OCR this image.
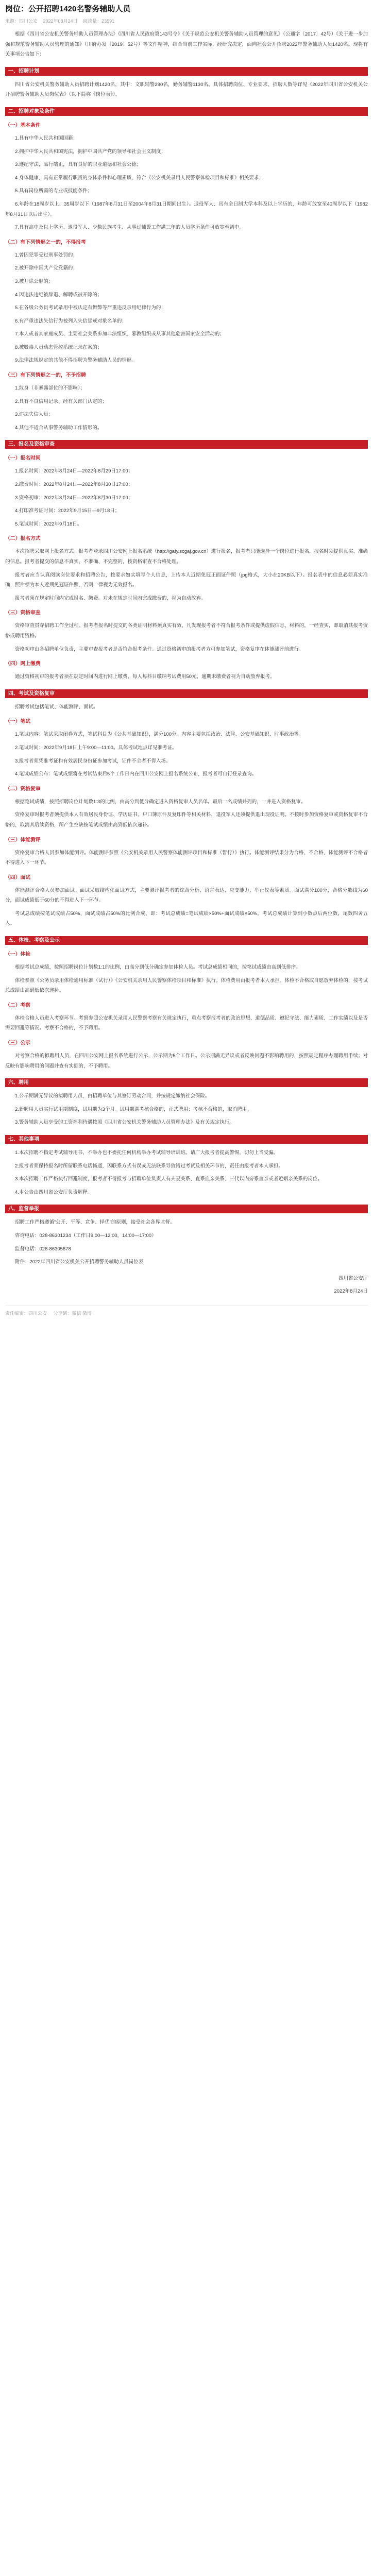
岗位：公开招聘1420名警务辅助人员
来源：四川公安 2022年08月24日 阅读量：23591

根据《四川省公安机关警务辅助人员管理办法》《四川省人民政府第143号令》《关于规范公安机关警务辅助人员管理的意见》（公通字〔2017〕42号）《关于进一步加强和规范警务辅助人员管理的通知》（川府办发〔2019〕52号）等文件精神，结合当前工作实际，经研究决定，面向社会公开招聘2022年警务辅助人员1420名。现将有关事项公告如下：

一、招聘计划

四川省公安机关警务辅助人员招聘计划1420名，其中：文职辅警290名，勤务辅警1130名。具体招聘岗位、专业要求、招聘人数等详见《2022年四川省公安机关公开招聘警务辅助人员岗位表》（以下简称《岗位表》）。

二、招聘对象及条件
（一）基本条件

1.具有中华人民共和国国籍；

2.拥护中华人民共和国宪法，拥护中国共产党的领导和社会主义制度；

3.遵纪守法，品行端正，具有良好的职业道德和社会公德；

4.身体健康，具有正常履行职责的身体条件和心理素质，符合《公安机关录用人民警察体检项目和标准》相关要求；

5.具有岗位所需的专业或技能条件；

6.年龄在18周岁以上、35周岁以下（1987年8月31日至2004年8月31日期间出生）。退役军人、具有全日制大学本科及以上学历的，年龄可放宽至40周岁以下（1982年8月31日以后出生）。

7.具有高中及以上学历。退役军人、少数民族考生、从事过辅警工作满三年的人员学历条件可放宽至初中。

（二）有下列情形之一的，不得报考

1.曾因犯罪受过刑事处罚的；

2.被开除中国共产党党籍的；

3.被开除公职的；

4.因违法违纪被辞退、解聘或被开除的；

5.在各级公务员考试录用中被认定有舞弊等严重违反录用纪律行为的；

6.有严重违法失信行为被列入失信惩戒对象名单的；

7.本人或者其家庭成员、主要社会关系参加非法组织、邪教组织或从事其他危害国家安全活动的；

8.被吸毒人员动态管控系统记录在案的；

9.法律法规规定的其他不得招聘为警务辅助人员的情形。

（三）有下列情形之一的，不予招聘

1.纹身（非暴露部位的不影响）；

2.具有不良信用记录、经有关部门认定的；

3.违法失信人员；

4.其他不适合从事警务辅助工作情形的。

三、报名及资格审查
（一）报名时间

1.报名时间：2022年8月24日—2022年8月29日17:00；

2.缴费时间：2022年8月24日—2022年8月30日17:00；

3.资格初审：2022年8月24日—2022年8月30日17:00；

4.打印准考证时间：2022年9月15日—9月18日；

5.笔试时间：2022年9月18日。

（二）报名方式

本次招聘采取网上报名方式。报考者登录四川公安网上报名系统（http://gafy.scgaj.gov.cn）进行报名，报考者只能选择一个岗位进行报名，报名时须提供真实、准确的信息。报考者提交的信息不真实、不准确、不完整的，按资格审查不合格处理。

报考者应当认真阅读岗位要求和招聘公告，按要求如实填写个人信息，上传本人近期免冠正面证件照（jpg格式，大小在20KB以下）。报名表中的信息必须真实准确，照片须为本人近期免冠证件照，否则一律视为无效报名。

报考者须在规定时间内完成报名、缴费。对未在规定时间内完成缴费的，视为自动放弃。

（三）资格审查

资格审查贯穿招聘工作全过程。报考者报名时提交的各类证明材料须真实有效，凡发现报考者不符合报考条件或提供虚假信息、材料的，一经查实，即取消其报考资格或聘用资格。

资格初审由各招聘单位负责，主要审查报考者是否符合报考条件。通过资格初审的报考者方可参加笔试，资格复审在体能测评前进行。

（四）网上缴费

通过资格初审的报考者须在规定时间内进行网上缴费，每人每科目缴纳考试费用50元，逾期未缴费者视为自动放弃报考。

四、考试及资格复审

招聘考试包括笔试、体能测评、面试。

（一）笔试

1.笔试内容：笔试采取闭卷方式，笔试科目为《公共基础知识》，满分100分。内容主要包括政治、法律、公安基础知识、时事政治等。

2.笔试时间：2022年9月18日上午9:00—11:00。具体考试地点详见准考证。

3.报考者须凭准考证和有效居民身份证参加考试，证件不全者不得入场。

4.笔试成绩公布：笔试成绩将在考试结束后5个工作日内在四川公安网上报名系统公布，报考者可自行登录查询。

（二）资格复审

根据笔试成绩，按照招聘岗位计划数1:3的比例，由高分到低分确定进入资格复审人员名单。最后一名成绩并列的，一并进入资格复审。

资格复审时报考者须提供本人有效居民身份证、学历证书、户口簿原件及复印件等相关材料，退役军人还须提供退出现役证明。不按时参加资格复审或资格复审不合格的，取消其后续资格，所产生空缺按笔试成绩由高到低依次递补。

（三）体能测评

资格复审合格人员参加体能测评。体能测评参照《公安机关录用人民警察体能测评项目和标准（暂行）》执行。体能测评结果分为合格、不合格，体能测评不合格者不得进入下一环节。

（四）面试

体能测评合格人员参加面试。面试采取结构化面试方式，主要测评报考者的综合分析、语言表达、应变能力、举止仪表等素质。面试满分100分，合格分数线为60分，面试成绩低于60分的不得进入下一环节。

考试总成绩按笔试成绩占50%、面试成绩占50%的比例合成，即：考试总成绩=笔试成绩×50%+面试成绩×50%。考试总成绩计算到小数点后两位数，尾数四舍五入。

五、体检、考察及公示
（一）体检

根据考试总成绩，按照招聘岗位计划数1:1的比例，由高分到低分确定参加体检人员。考试总成绩相同的，按笔试成绩由高到低排序。

体检参照《公务员录用体检通用标准（试行）》《公安机关录用人民警察体检项目和标准》执行。体检费用由报考者本人承担。体检不合格或自愿放弃体检的，按考试总成绩由高到低依次递补。

（二）考察

体检合格人员进入考察环节。考察参照公安机关录用人民警察考察有关规定执行，重点考察报考者的政治思想、道德品质、遵纪守法、能力素质、工作实绩以及是否需要回避等情况。考察不合格的，不予聘用。

（三）公示

对考察合格的拟聘用人员，在四川公安网上报名系统进行公示，公示期为5个工作日。公示期满无异议或者反映问题不影响聘用的，按照规定程序办理聘用手续；对反映有影响聘用的问题并查有实据的，不予聘用。

六、聘用

1.公示期满无异议的拟聘用人员，由招聘单位与其签订劳动合同，并按规定缴纳社会保险。

2.新聘用人员实行试用期制度，试用期为3个月。试用期满考核合格的，正式聘用；考核不合格的，取消聘用。

3.警务辅助人员享受的工资福利待遇按照《四川省公安机关警务辅助人员管理办法》及有关规定执行。

七、其他事项

1.本次招聘不指定考试辅导用书，不举办也不委托任何机构举办考试辅导培训班。请广大报考者提高警惕，切勿上当受骗。

2.报考者须保持报名时所留联系电话畅通，因联系方式有误或无法联系导致错过考试及相关环节的，责任由报考者本人承担。

3.本次招聘工作严格执行回避制度，报考者不得报考与招聘单位负责人有夫妻关系、直系血亲关系、三代以内旁系血亲或者近姻亲关系的岗位。

4.本公告由四川省公安厅负责解释。

八、监督举报

招聘工作严格遵循“公开、平等、竞争、择优”的原则，接受社会各界监督。

咨询电话：028-86301234（工作日9:00—12:00，14:00—17:00）

监督电话：028-86305678

附件：2022年四川省公安机关公开招聘警务辅助人员岗位表

四川省公安厅

2022年8月24日

责任编辑：四川公安 分享到：微信 微博
